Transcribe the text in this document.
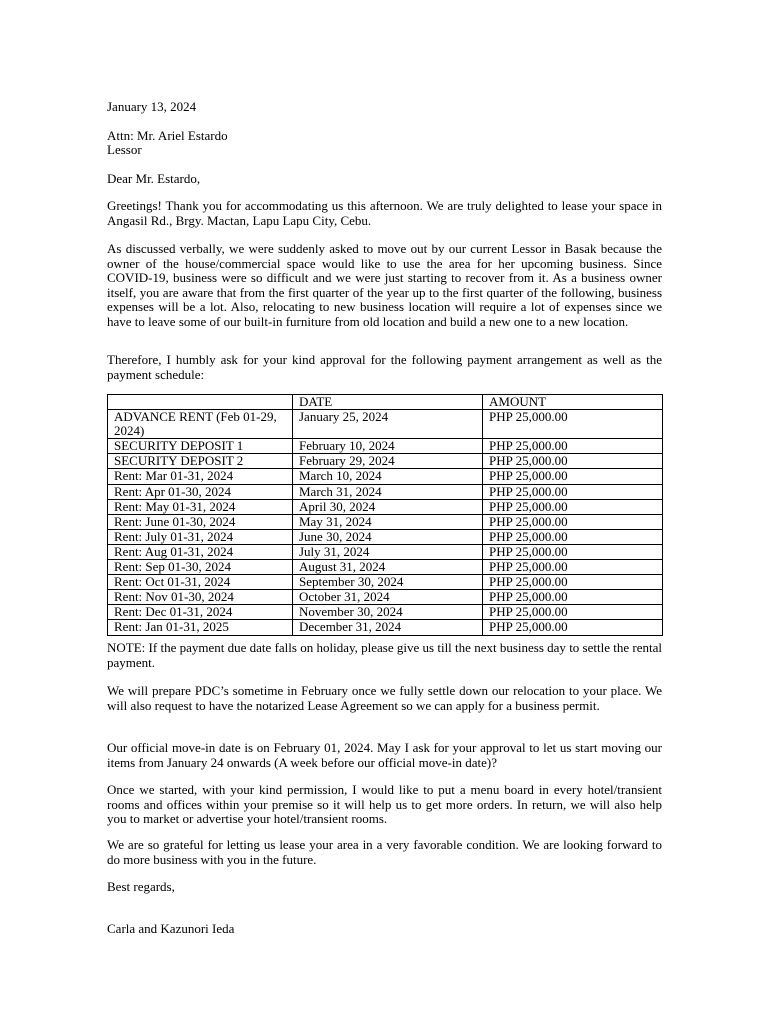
January 13, 2024

Attn: Mr. Ariel Estardo

Lessor

Dear Mr. Estardo,

Greetings! Thank you for accommodating us this afternoon. We are truly delighted to lease your space in Angasil Rd., Brgy. Mactan, Lapu Lapu City, Cebu.

As discussed verbally, we were suddenly asked to move out by our current Lessor in Basak because the owner of the house/commercial space would like to use the area for her upcoming business. Since COVID-19, business were so difficult and we were just starting to recover from it. As a business owner itself, you are aware that from the first quarter of the year up to the first quarter of the following, business expenses will be a lot. Also, relocating to new business location will require a lot of expenses since we have to leave some of our built-in furniture from old location and build a new one to a new location.

Therefore, I humbly ask for your kind approval for the following payment arrangement as well as the payment schedule:

	DATE	AMOUNT
ADVANCE RENT (Feb 01-29, 2024)	January 25, 2024	PHP 25,000.00
SECURITY DEPOSIT 1	February 10, 2024	PHP 25,000.00
SECURITY DEPOSIT 2	February 29, 2024	PHP 25,000.00
Rent: Mar 01-31, 2024	March 10, 2024	PHP 25,000.00
Rent: Apr 01-30, 2024	March 31, 2024	PHP 25,000.00
Rent: May 01-31, 2024	April 30, 2024	PHP 25,000.00
Rent: June 01-30, 2024	May 31, 2024	PHP 25,000.00
Rent: July 01-31, 2024	June 30, 2024	PHP 25,000.00
Rent: Aug 01-31, 2024	July 31, 2024	PHP 25,000.00
Rent: Sep 01-30, 2024	August 31, 2024	PHP 25,000.00
Rent: Oct 01-31, 2024	September 30, 2024	PHP 25,000.00
Rent: Nov 01-30, 2024	October 31, 2024	PHP 25,000.00
Rent: Dec 01-31, 2024	November 30, 2024	PHP 25,000.00
Rent: Jan 01-31, 2025	December 31, 2024	PHP 25,000.00

NOTE: If the payment due date falls on holiday, please give us till the next business day to settle the rental payment.

We will prepare PDC’s sometime in February once we fully settle down our relocation to your place. We will also request to have the notarized Lease Agreement so we can apply for a business permit.

Our official move-in date is on February 01, 2024. May I ask for your approval to let us start moving our items from January 24 onwards (A week before our official move-in date)?

Once we started, with your kind permission, I would like to put a menu board in every hotel/transient rooms and offices within your premise so it will help us to get more orders. In return, we will also help you to market or advertise your hotel/transient rooms.

We are so grateful for letting us lease your area in a very favorable condition. We are looking forward to do more business with you in the future.

Best regards,

Carla and Kazunori Ieda
